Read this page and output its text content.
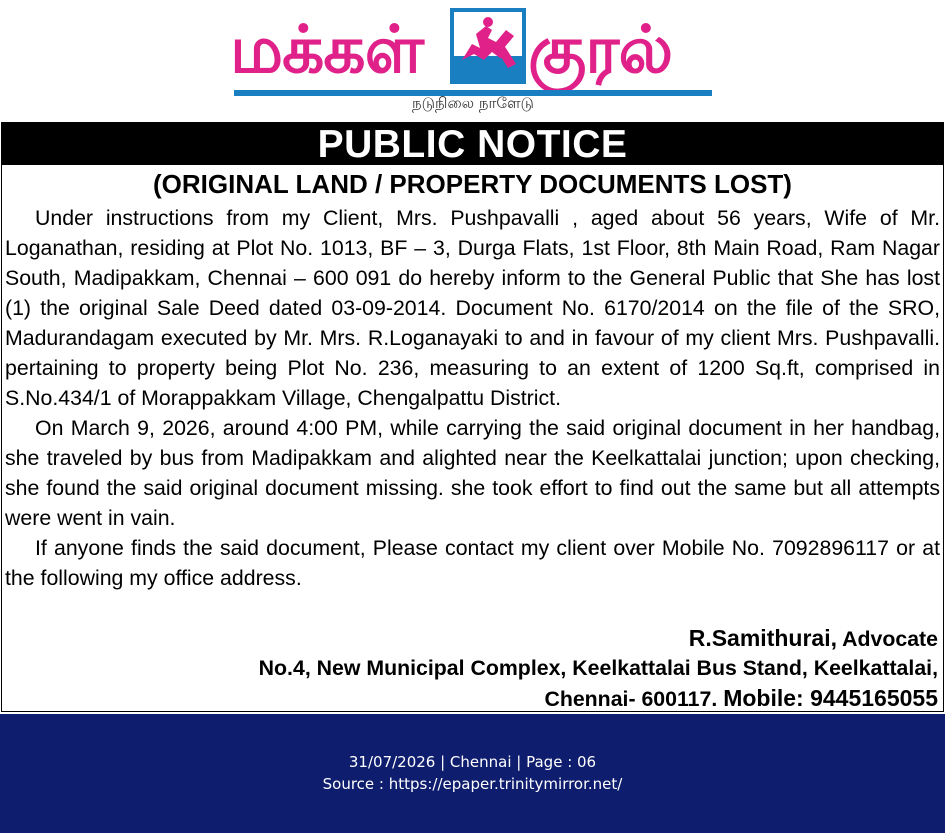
மக்கள்	குரல்
நடுநிலை நாளேடு
PUBLIC NOTICE
(ORIGINAL LAND / PROPERTY DOCUMENTS LOST)

Under instructions from my Client, Mrs. Pushpavalli , aged about 56 years, Wife of Mr. Loganathan, residing at Plot No. 1013, BF – 3, Durga Flats, 1st Floor, 8th Main Road, Ram Nagar South, Madipakkam, Chennai – 600 091 do hereby inform to the General Public that She has lost (1) the original Sale Deed dated 03-09-2014. Document No. 6170/2014 on the file of the SRO, Madurandagam executed by Mr. Mrs. R.Loganayaki to and in favour of my client Mrs. Pushpavalli. pertaining to property being Plot No. 236, measuring to an extent of 1200 Sq.ft, comprised in S.No.434/1 of Morappakkam Village, Chengalpattu District.

On March 9, 2026, around 4:00 PM, while carrying the said original document in her handbag, she traveled by bus from Madipakkam and alighted near the Keelkattalai junction; upon checking, she found the said original document missing. she took effort to find out the same but all attempts were went in vain.

If anyone finds the said document, Please contact my client over Mobile No. 7092896117 or at the following my office address.

R.Samithurai, Advocate
No.4, New Municipal Complex, Keelkattalai Bus Stand, Keelkattalai,
Chennai- 600117. Mobile: 9445165055
31/07/2026 | Chennai | Page : 06
Source : https://epaper.trinitymirror.net/
